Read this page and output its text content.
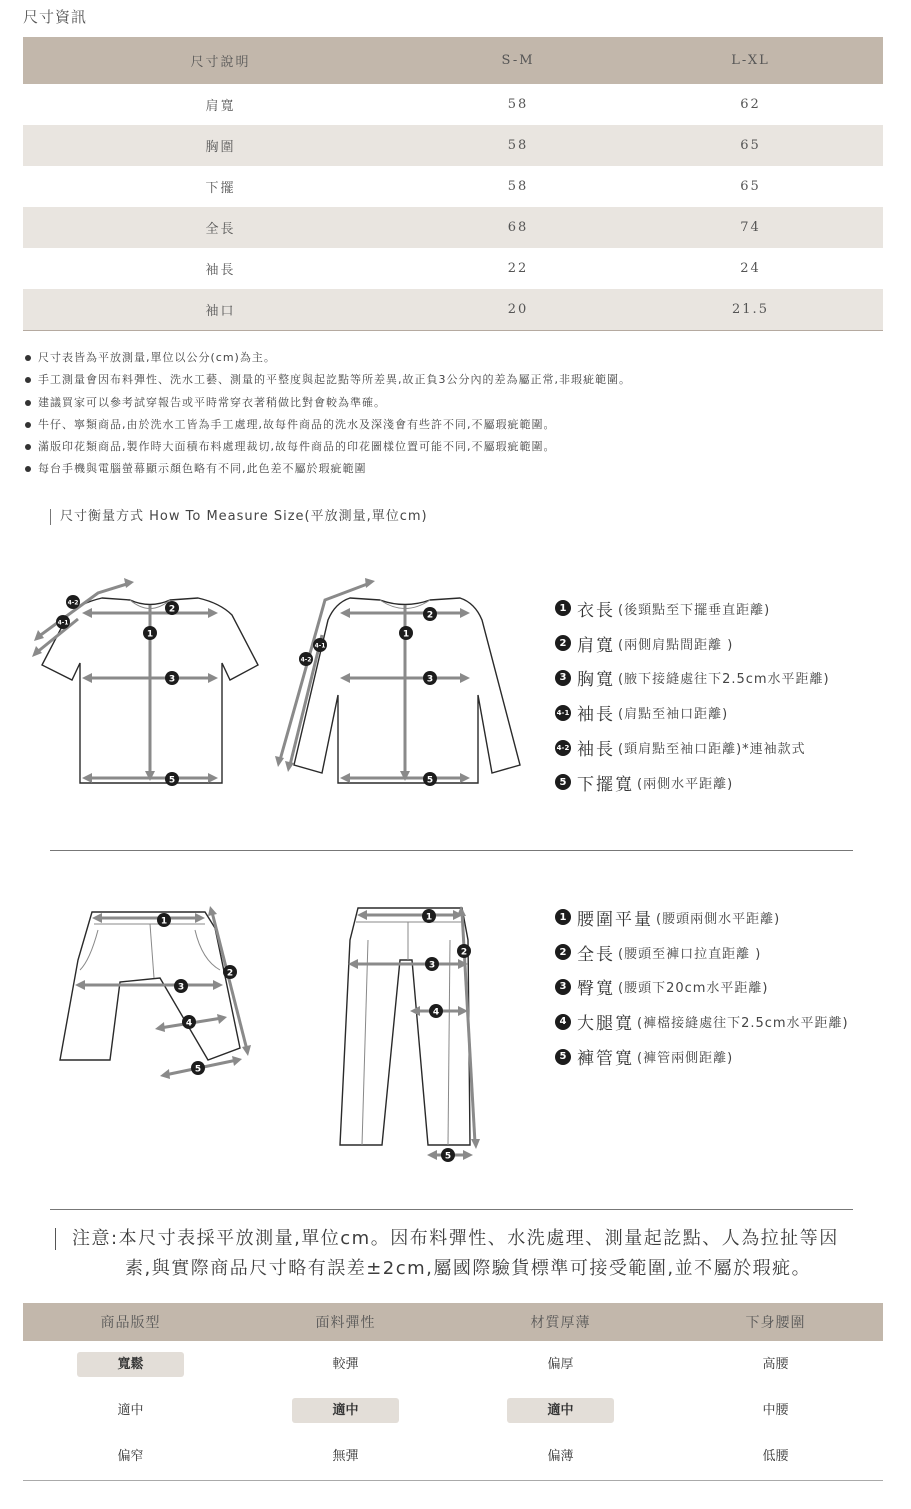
尺寸資訊
尺寸說明	S-M	L-XL
肩寬	58	62
胸圍	58	65
下擺	58	65
全長	68	74
袖長	22	24
袖口	20	21.5
尺寸表皆為平放測量,單位以公分(cm)為主。
手工測量會因布料彈性、洗水工藝、測量的平整度與起訖點等所差異,故正負3公分內的差為屬正常,非瑕疵範圍。
建議買家可以參考試穿報告或平時常穿衣著稍做比對會較為準確。
牛仔、寧類商品,由於洗水工皆為手工處理,故每件商品的洗水及深淺會有些許不同,不屬瑕疵範圍。
滿版印花類商品,製作時大面積布料處理裁切,故每件商品的印花圖樣位置可能不同,不屬瑕疵範圍。
每台手機與電腦螢幕顯示顏色略有不同,此色差不屬於瑕疵範圍
尺寸衡量方式 How To Measure Size(平放測量,單位cm)
2
1
3
5
4-2
4-1
2
1
3
5
4-1
4-2
1 衣長 (後頸點至下擺垂直距離)
2 肩寬 (兩側肩點間距離 )
3 胸寬 (腋下接縫處往下2.5cm水平距離)
4-1 袖長 (肩點至袖口距離)
4-2 袖長 (頸肩點至袖口距離)*連袖款式
5 下擺寬 (兩側水平距離)
1
2
3
4
5
1
2
3
4
5
1 腰圍平量 (腰頭兩側水平距離)
2 全長 (腰頭至褲口拉直距離 )
3 臀寬 (腰頭下20cm水平距離)
4 大腿寬 (褲檔接縫處往下2.5cm水平距離)
5 褲管寬 (褲管兩側距離)
注意:本尺寸表採平放測量,單位cm。因布料彈性、水洗處理、測量起訖點、人為拉扯等因
素,與實際商品尺寸略有誤差±2cm,屬國際驗貨標準可接受範圍,並不屬於瑕疵。
商品版型	面料彈性	材質厚薄	下身腰圍
寬鬆	較彈	偏厚	高腰
適中	適中	適中	中腰
偏窄	無彈	偏薄	低腰
